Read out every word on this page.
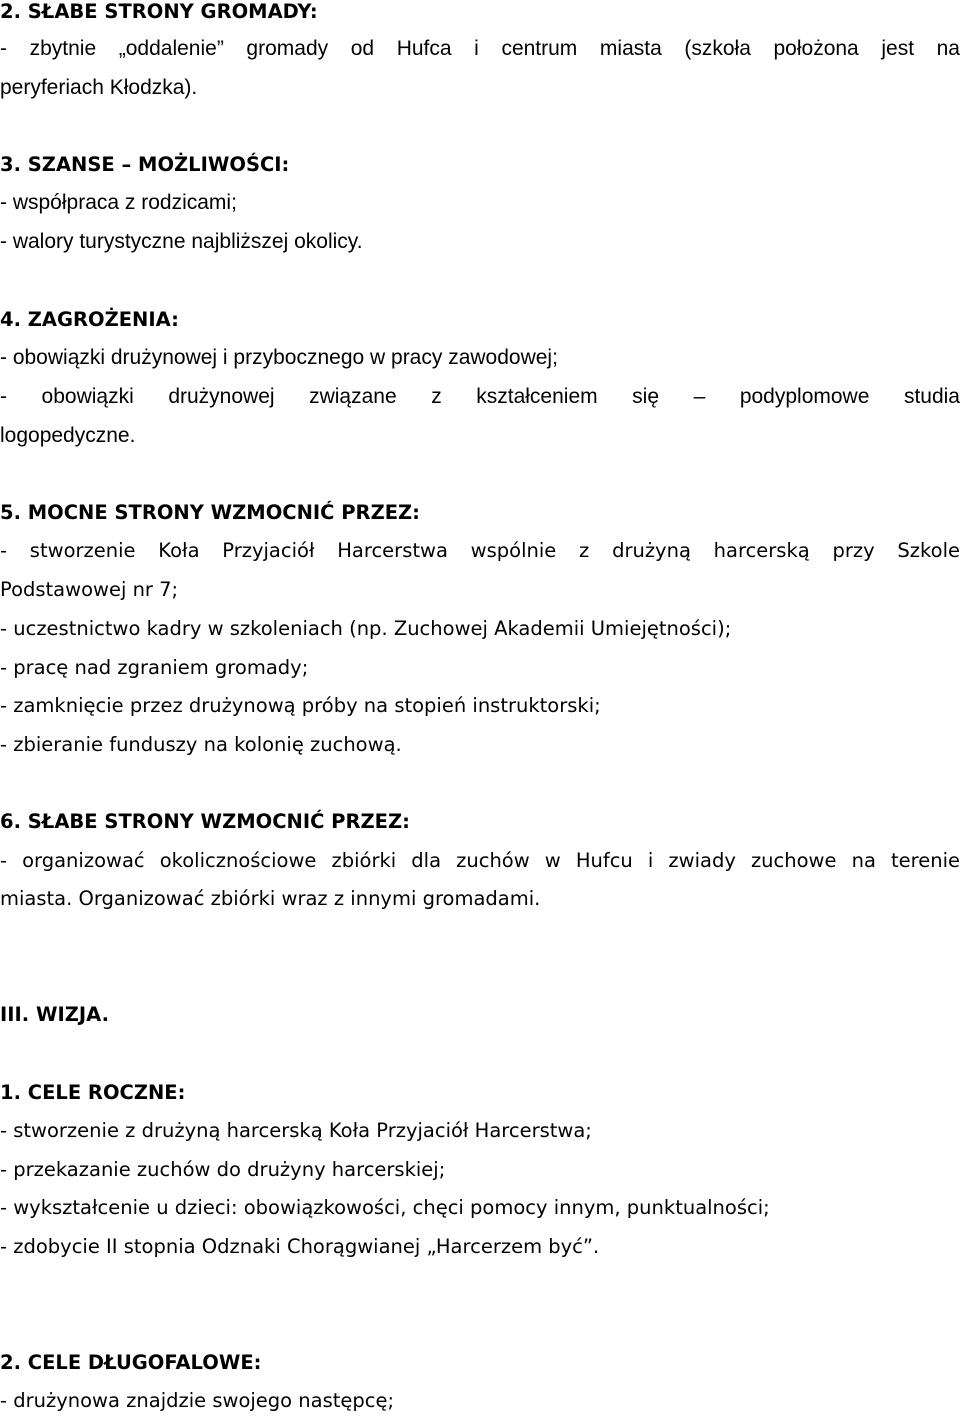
2. SŁABE STRONY GROMADY:

- zbytnie „oddalenie” gromady od Hufca i centrum miasta (szkoła położona jest na

peryferiach Kłodzka).

3. SZANSE – MOŻLIWOŚCI:

- współpraca z rodzicami;

- walory turystyczne najbliższej okolicy.

4. ZAGROŻENIA:

- obowiązki drużynowej i przybocznego w pracy zawodowej;

- obowiązki drużynowej związane z kształceniem się – podyplomowe studia

logopedyczne.

5. MOCNE STRONY WZMOCNIĆ PRZEZ:

- stworzenie Koła Przyjaciół Harcerstwa wspólnie z drużyną harcerską przy Szkole

Podstawowej nr 7;

- uczestnictwo kadry w szkoleniach (np. Zuchowej Akademii Umiejętności);

- pracę nad zgraniem gromady;

- zamknięcie przez drużynową próby na stopień instruktorski;

- zbieranie funduszy na kolonię zuchową.

6. SŁABE STRONY WZMOCNIĆ PRZEZ:

- organizować okolicznościowe zbiórki dla zuchów w Hufcu i zwiady zuchowe na terenie

miasta. Organizować zbiórki wraz z innymi gromadami.

III. WIZJA.

1. CELE ROCZNE:

- stworzenie z drużyną harcerską Koła Przyjaciół Harcerstwa;

- przekazanie zuchów do drużyny harcerskiej;

- wykształcenie u dzieci: obowiązkowości, chęci pomocy innym, punktualności;

- zdobycie II stopnia Odznaki Chorągwianej „Harcerzem być”.

2. CELE DŁUGOFALOWE:

- drużynowa znajdzie swojego następcę;
